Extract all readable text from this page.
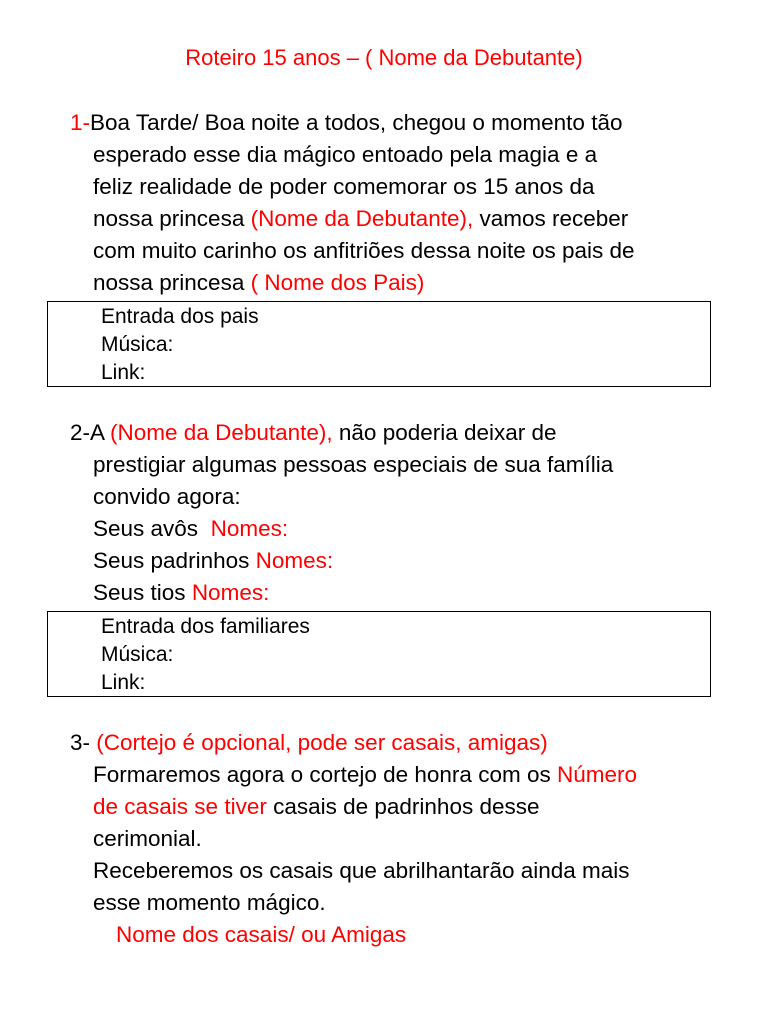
Roteiro 15 anos – ( Nome da Debutante)
1-Boa Tarde/ Boa noite a todos, chegou o momento tão
esperado esse dia mágico entoado pela magia e a
feliz realidade de poder comemorar os 15 anos da
nossa princesa (Nome da Debutante), vamos receber
com muito carinho os anfitriões dessa noite os pais de
nossa princesa ( Nome dos Pais)
Entrada dos pais
Música:
Link:
2-A (Nome da Debutante), não poderia deixar de
prestigiar algumas pessoas especiais de sua família
convido agora:
Seus avôs  Nomes:
Seus padrinhos Nomes:
Seus tios Nomes:
Entrada dos familiares
Música:
Link:
3- (Cortejo é opcional, pode ser casais, amigas)
Formaremos agora o cortejo de honra com os Número
de casais se tiver casais de padrinhos desse
cerimonial.
Receberemos os casais que abrilhantarão ainda mais
esse momento mágico.
Nome dos casais/ ou Amigas
